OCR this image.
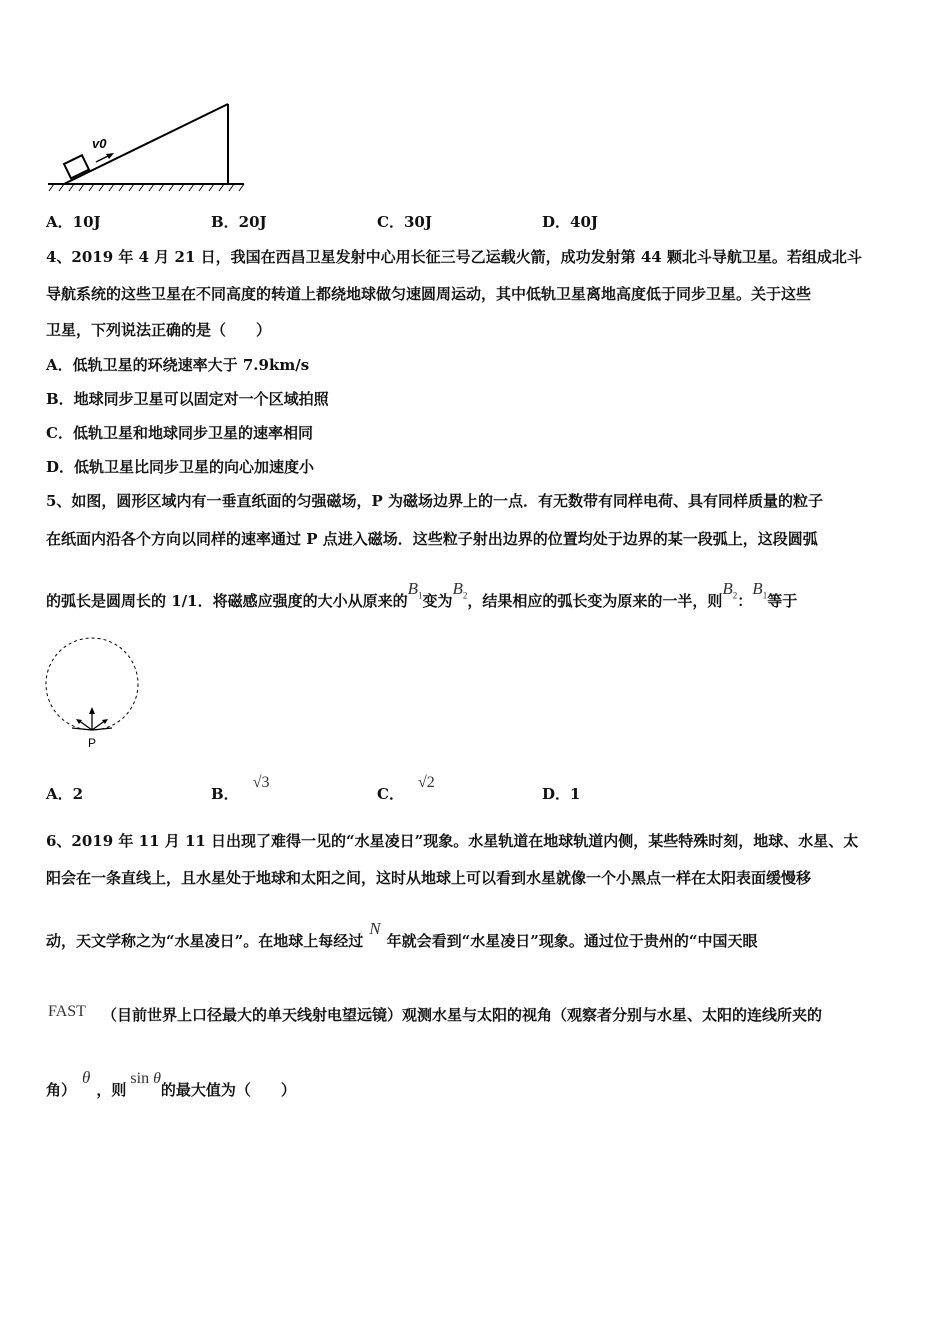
v0
A．10J	B．20J	C．30J	D．40J
4、2019 年 4 月 21 日，我国在西昌卫星发射中心用长征三号乙运载火箭，成功发射第 44 颗北斗导航卫星。若组成北斗
导航系统的这些卫星在不同高度的转道上都绕地球做匀速圆周运动，其中低轨卫星离地高度低于同步卫星。关于这些
卫星，下列说法正确的是（　　）
A．低轨卫星的环绕速率大于 7.9km/s
B．地球同步卫星可以固定对一个区域拍照
C．低轨卫星和地球同步卫星的速率相同
D．低轨卫星比同步卫星的向心加速度小
5、如图，圆形区域内有一垂直纸面的匀强磁场，P 为磁场边界上的一点．有无数带有同样电荷、具有同样质量的粒子
在纸面内沿各个方向以同样的速率通过 P 点进入磁场．这些粒子射出边界的位置均处于边界的某一段弧上，这段圆弧
的弧长是圆周长的 1/1．将磁感应强度的大小从原来的$B_1$变为$B_2$，结果相应的弧长变为原来的一半，则$B_2$：$B_1$等于
P
A．2	B．√3
C．√2
D．1
6、2019 年 11 月 11 日出现了难得一见的“水星凌日”现象。水星轨道在地球轨道内侧，某些特殊时刻，地球、水星、太
阳会在一条直线上，且水星处于地球和太阳之间，这时从地球上可以看到水星就像一个小黑点一样在太阳表面缓慢移
动，天文学称之为“水星凌日”。在地球上每经过N年就会看到“水星凌日”现象。通过位于贵州的“中国天眼
FAST （目前世界上口径最大的单天线射电望远镜）观测水星与太阳的视角（观察者分别与水星、太阳的连线所夹的
角）θ，则sin θ的最大值为（　　）
